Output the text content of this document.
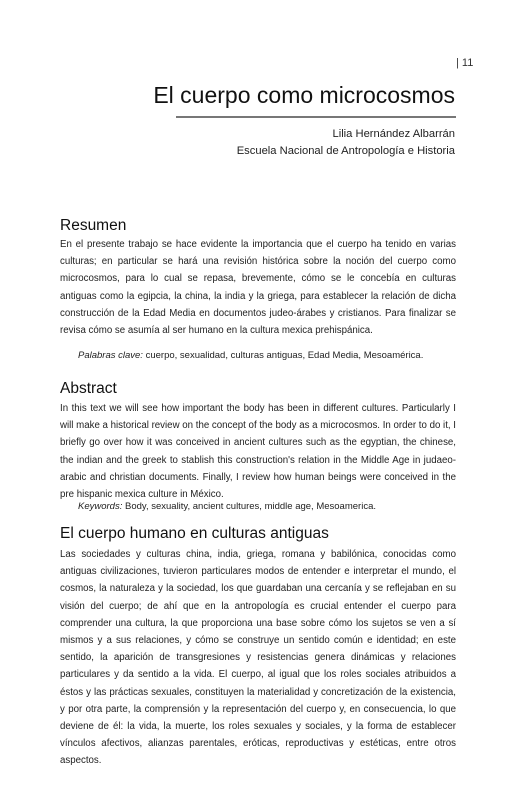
| 11
El cuerpo como microcosmos

Lilia Hernández Albarrán

Escuela Nacional de Antropología e Historia

Resumen

En el presente trabajo se hace evidente la importancia que el cuerpo ha tenido en varias culturas; en particular se hará una revisión histórica sobre la noción del cuerpo como microcosmos, para lo cual se repasa, brevemente, cómo se le concebía en culturas antiguas como la egipcia, la china, la india y la griega, para establecer la relación de dicha construcción de la Edad Media en documentos judeo-árabes y cristianos. Para finalizar se revisa cómo se asumía al ser humano en la cultura mexica prehispánica.

Palabras clave: cuerpo, sexualidad, culturas antiguas, Edad Media, Mesoamérica.

Abstract

In this text we will see how important the body has been in different cultures. Particularly I will make a historical review on the concept of the body as a microcosmos. In order to do it, I briefly go over how it was conceived in ancient cultures such as the egyptian, the chinese, the indian and the greek to stablish this construction's relation in the Middle Age in judaeo-arabic and christian documents. Finally, I review how human beings were conceived in the pre hispanic mexica culture in México.

Keywords: Body, sexuality, ancient cultures, middle age, Mesoamerica.

El cuerpo humano en culturas antiguas

Las sociedades y culturas china, india, griega, romana y babilónica, conocidas como antiguas civilizaciones, tuvieron particulares modos de entender e interpretar el mundo, el cosmos, la naturaleza y la sociedad, los que guardaban una cercanía y se reflejaban en su visión del cuerpo; de ahí que en la antropología es crucial entender el cuerpo para comprender una cultura, la que proporciona una base sobre cómo los sujetos se ven a sí mismos y a sus relaciones, y cómo se construye un sentido común e identidad; en este sentido, la aparición de transgresiones y resistencias genera dinámicas y relaciones particulares y da sentido a la vida. El cuerpo, al igual que los roles sociales atribuidos a éstos y las prácticas sexuales, constituyen la materialidad y concretización de la existencia, y por otra parte, la comprensión y la representación del cuerpo y, en consecuencia, lo que deviene de él: la vida, la muerte, los roles sexuales y sociales, y la forma de establecer vínculos afectivos, alianzas parentales, eróticas, reproductivas y estéticas, entre otros aspectos.
